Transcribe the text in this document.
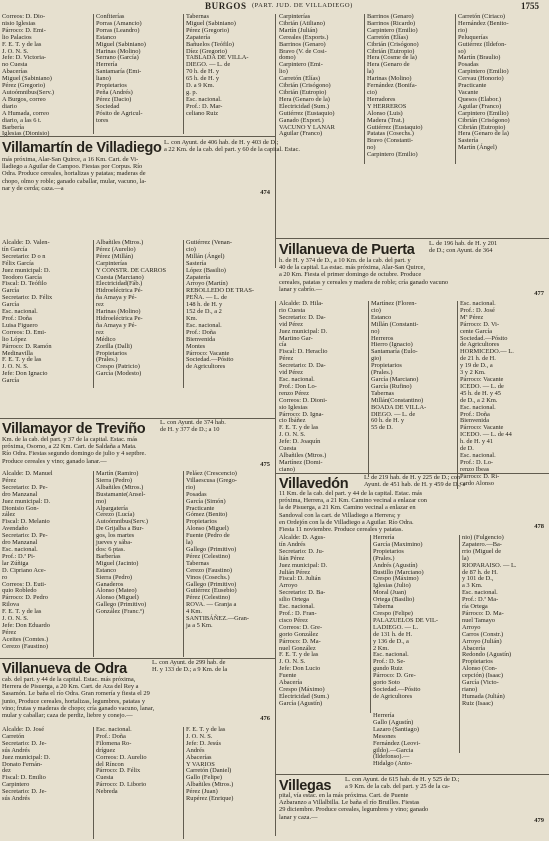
BURGOS (PART. JUD. DE VILLADIEGO)	1755

Correos: D. Dio-

nisio Iglesias

Párroco: D. Emi-

lio Palacios

F. E. T. y de las

J. O. N. S.

Jefe: D. Victoria-

no Cuesta

Abacerías

Miguel (Sabiniano)

Pérez (Gregorio)

Autoómnibus(Serv.)

A Burgos, correo

diario

A Humada, correo

diario, a las 6 t.

Barbería

Iglesias (Dionisio)

Confiterías

Porras (Amancio)

Porras (Leandro)

Estanco

Miguel (Sabiniano)

Harinas (Molino)

Serrano (García)

Herrería

Santamaría (Emi-

liano)

Propietarios

Peña (Andrés)

Pérez (Dacio)

Sociedad

Pósito de Agricul-

tores

Tabernas

Miguel (Sabiniano)

Pérez (Gregorio)

Zapatería

Bañuelos (Teófilo)

Díez (Gregorio)

TABLADA DE VILLA-

DIEGO. — L. de

70 h. de H. y

65 h. de H. y

D. a 9 Km.

g. p.

Esc. nacional.

Prof.: D. Mar-

celiano Ruiz

Carpinterías

Cibrián (Atiliano)

Martín (Julián)

Cereales (Exports.)

Barrinos (Genaro)

Bravo (V. de Cosi-

domo)

Carpintero (Emi-

lio)

Carretón (Elías)

Cibrián (Crisógono)

Cibrián (Eutropio)

Hera (Genaro de la)

Electricidad (Sum.)

Gutiérrez (Eustaquio)

Ganado (Export.)

VACUNO Y LANAR

Aguilar (Franco)

Barrinos (Genaro)

Barrinos (Ricardo)

Carpintero (Emilio)

Carretón (Elías)

Cibrián (Crisógono)

Cibrián (Eutropio)

Hera (Cosme de la)

Hera (Genaro de

la)

Harinas (Molino)

Fernández (Bonifa-

cio)

Herradores

Y HERREROS

Alonso (Luis)

Madera (Trat.)

Gutiérrez (Eustaquio)

Patatas (Cosechs.)

Bravo (Constanti-

no)

Carpintero (Emilio)

Carretón (Ciriaco)

Hernández (Benito-

rio)

Peluquerías

Gutiérrez (Ildefon-

so)

Martín (Braulio)

Posadas

Carpintero (Emilio)

Cervau (Honorio)

Practicante

Vacante

Quesos (Elabor.)

Aguilar (Franco)

Carpintero (Emilio)

Cibrián (Crisógono)

Cibrián (Eutropio)

Hera (Genaro de la)

Sastería

Martín (Ángel)

Villamartín de Villadiego L. con Ayunt. de 406 hab. de H. y 403 de D.;

a 22 Km. de la cab. del part. y 60 de la capital. Estac.

más próxima, Alar-San Quirce, a 16 Km. Cart. de Vi-

lladiego a Aguilar de Campoo. Fiestas por Corpus. Río

Odra. Produce cereales, hortalizas y patatas; maderas de

chopo, olmo y roble; ganado caballar, mular, vacuno, la-

nar y de cerda; caza.—a

474

Alcalde: D. Valen-

tín García

Secretario: D o n

Félix García

Juez municipal: D.

Teodoro García

Fiscal: D. Teófilo

García

Secretario: D. Félix

García

Esc. nacional.

Prof.: Doña

Luisa Figuero

Correos: D. Emi-

lio López

Párroco: D. Ramón

Medinavilla

F. E. T. y de las

J. O. N. S.

Jefe: Don Ignacio

García

Albañiles (Mtros.)

Pérez (Aurelio)

Pérez (Millán)

Carpinterías

Y CONSTR. DE CARROS

Cuesta (Marciano)

Electricidad(Fáb.)

Hidroeléctrica Pé-

ña Amaya y Pé-

rez

Harinas (Molino)

Hidroeléctrica Pe-

ña Amaya y Pé-

rez

Médico

Zorilla (Dalli)

Propietarios

(Prales.)

Crespo (Patricio)

García (Modesto)

Gutiérrez (Venan-

cio)

Millán (Ángel)

Sastería

López (Basilio)

Zapatería

Arroyo (Martín)

REBOLLEDO DE TRAS-

PEÑA. — L. de

148 h. de H. y

152 de D., a 2

Km.

Esc. nacional.

Prof.: Doña

Bienvenida

Montes

Párroco: Vacante

Sociedad.—Pósito

de Agricultores

Villanueva de Puerta L. de 196 hab. de H. y 201

de D.; con Ayunt. de 364

h. de H. y 374 de D., a 10 Km. de la cab. del part. y

40 de la capital. La estac. más próxima, Alar-San Quirce,

a 20 Km. Fiesta el primer domingo de octubre. Produce

cereales, patatas y cereales y madera de roble; cría ganado vacuno

lanar y cabrío.—

477

Alcalde: D. Hila-

rio Cuesta

Secretario: D. Da-

vid Pérez

Juez municipal: D.

Martino Gar-

cía

Fiscal: D. Heraclio

Pérez

Secretario: D. Da-

vid Pérez

Esc. nacional.

Prof.: Don Lo-

renzo Pérez

Correos: D. Dioni-

sio Iglesias

Párroco: D. Igna-

cio Ibáñez

F. E. T. y de las

J. O. N. S.

Jefe: D. Joaquín

Cuesta

Albañiles (Mtros.)

Martínez (Domi-

ciano)

Martínez (Floren-

cio)

Estanco

Millán (Constanti-

no)

Herreros

Hierro (Ignacio)

Santamaría (Eulo-

gio)

Propietarios

(Prales.)

García (Marciano)

García (Rufino)

Tabernas

Millán(Constantino)

BOADA DE VILLA-

DIEGO. — L. de

60 h. de H. y

55 de D.

Esc. nacional.

Prof.: D. José

Mª Pérez

Párroco: D. Vi-

cente García

Sociedad.—Pósito

de Agricultores

HORMICEDO.— L.

de 21 h. de H.

y 19 de D., a

3 y 2 Km.

Párroco: Vacante

ICEDO. — L. de

45 h. de H. y 45

de D., a 2 Km.

Esc. nacional.

Prof.: Doña

Bienvenida

Párroco: Vacante

ICEDO. — L. de 44

h. de H. y 41

de D.

Esc. nacional.

Prof.: D. Lo-

renzo Ibeas

Párroco: D. Ri-

cardo Alonso

Villamayor de Treviño L. con Ayunt. de 374 hab.

de H. y 377 de D.; a 10

Km. de la cab. del part. y 37 de la capital. Estac. más

próxima, Osorno, a 22 Km. Cart. de Saldaña a Mata.

Río Odra. Fiestas segundo domingo de julio y 4 septbre.

Produce cereales y vino; ganado lanar.—	475

Alcalde: D. Manuel

Pérez

Secretario: D. Pe-

dro Manzanal

Juez municipal: D.

Dionisio Gon-

zález

Fiscal: D. Melanio

Avendaño

Secretario: D. Pe-

dro Manzanal

Esc. nacional.

Prof.: D.ª Pi-

lar Zúñiga

D. Cipriano Ace-

ro

Correos: D. Euti-

quio Robledo

Párroco: D. Pedro

Rilova

F. E. T. y de las

J. O. N. S.

Jefe: Don Eduardo

Pérez

Aceites (Comtes.)

Cerezo (Faustino)

Martín (Ramiro)

Sierra (Pedro)

Albañiles (Mtros.)

Bustamante(Ansel-

mo)

Alpargatería

Cerezo (Lucía)

Autoómnibus(Serv.)

De Grijalba a Bur-

gos, los martes

jueves y sába-

dos: 6 ptas.

Barberías

Miguel (Jacinto)

Estanco

Sierra (Pedro)

Ganaderos

Alonso (Mateo)

Alonso (Miguel)

Gallego (Primitivo)

González (Franc.º)

Peláez (Crescencio)

Villaescusa (Grego-

rio)

Posadas

García (Simón)

Practicante

Gómez (Benito)

Propietarios

Alonso (Miguel)

Fuente (Pedro de

la)

Gallego (Primitivo)

Pérez (Celestino)

Tabernas

Cerezo (Faustino)

Vinos (Cosechs.)

Gallego (Primitivo)

Gutiérrez (Eusebio)

Pérez (Celestino)

ROVA. — Granja a

4 Km.

SANTIBÁÑEZ.—Gran-

ja a 5 Km.

Villavedón L. de 219 hab. de H. y 225 de D.; con

Ayunt. de 451 hab. de H. y 459 de D.; a

11 Km. de la cab. del part. y 44 de la capital. Estac. más

próxima, Herrera, a 21 Km. Camino vecinal a enlazar con

la de Pisuerga, a 21 Km. Camino vecinal a enlazar en

Sandoval con la cart. de Villadiego a Herrera; y

en Ordejón con la de Villadiego a Aguilar. Río Odra.

Fiesta 11 noviembre. Produce cereales y patatas.	478

Alcalde: D. Agus-

tín Andrés

Secretario: D. Ju-

lián Pérez

Juez municipal: D.

Julián Pérez

Fiscal: D. Julián

Arroyo

Secretario: D. Ba-

silio Ortega

Esc. nacional.

Prof.: D. Fran-

cisco Pérez

Correos: D. Gre-

gorio González

Párroco: D. Ma-

nuel González

F. E. T. y de las

J. O. N. S.

Jefe: Don Lucio

Fuente

Abacería

Crespo (Máximo)

Electricidad (Sum.)

García (Agustín)

Herrería

García (Maximino)

Propietarios

(Prales.)

Andrés (Agustín)

Bustillo (Marciano)

Crespo (Máximo)

Iglesias (Julio)

Moral (Juan)

Ortega (Basilio)

Taberna

Crespo (Felipe)

PALAZUELOS DE VIL-

LADIEGO. — L.

de 131 h. de H.

y 136 de D., a

2 Km.

Esc. nacional.

Prof.: D. Se-

gundo Ruiz

Párroco: D. Gre-

gorio Soto

Sociedad.—Pósito

de Agricultores

nio) (Fulgencio)

Zapatero.—Ba-

rrio (Miguel de

la)

RIOPARAISO. — L.

de 87 h. de H.

y 101 de D.,

a 3 Km.

Esc. nacional.

Prof.: D.ª Ma-

ría Ortega

Párroco: D. Ma-

nuel Tamayo

Arroyo

Carros (Constr.)

Arroyo (Julián)

Abacería

Redondo (Agustín)

Propietarios

Alonso (Con-

cepción) (Isaac)

García (Victo-

riano)

Humada (Julián)

Ruiz (Isaac)

Villanueva de Odra	L. con Ayunt. de 299 hab. de

H. y 133 de D.; a 9 Km. de la

cab. del part. y 44 de la capital. Estac. más próxima,

Herrera de Pisuerga, a 20 Km. Cart. de Aza del Rey a

Sasamón. Le baña el río Odra. Gran romería y fiesta el 29

junio, Produce cereales, hortalizas, legumbres, patatas y

vino; frutas y maderas de chopo; cría ganado vacuno, lanar,

mular y caballar; caza de perdiz, liebre y conejo.—	476

Alcalde: D. José

Carretón

Secretario: D. Je-

sús Andrés

Juez municipal: D.

Donato Fernán-

dez

Fiscal: D. Emilio

Carpintero

Secretario: D. Je-

sús Andrés

Esc. nacional.

Prof.: Doña

Filomena Ro-

dríguez

Correos: D. Aurelio

del Ríncon

Párroco: D. Félix

Cuesta

Párroco: D. Liborio

Nebreda

F. E. T. y de las

J. O. N. S.

Jefe: D. Jesús

Andrés

Abacerías

Y VARIOS

Carretón (Daniel)

Gallo (Felipe)

Albañiles (Mtros.)

Pérez (Juan)

Rupérez (Enrique)

Herrería

Gallo (Agustín)

Lazaro (Santiago)

Mesones

Fernández (Leovi-

gildo).—Garcia

(Ildefonso).—

Hidalgo (Anto-

Villegas L. con Ayunt. de 615 hab. de H. y 525 de D.;

a 9 Km. de la cab. del part. y 25 de la ca-

pital, vía estac. en la más próxima. Cart. de Puente

Azbaranzo a Villalbilla. Le baña el río Bruilles. Fiestas

29 diciembre. Produce cereales, legumbres y vino; ganado

lanar y caza.—	479
